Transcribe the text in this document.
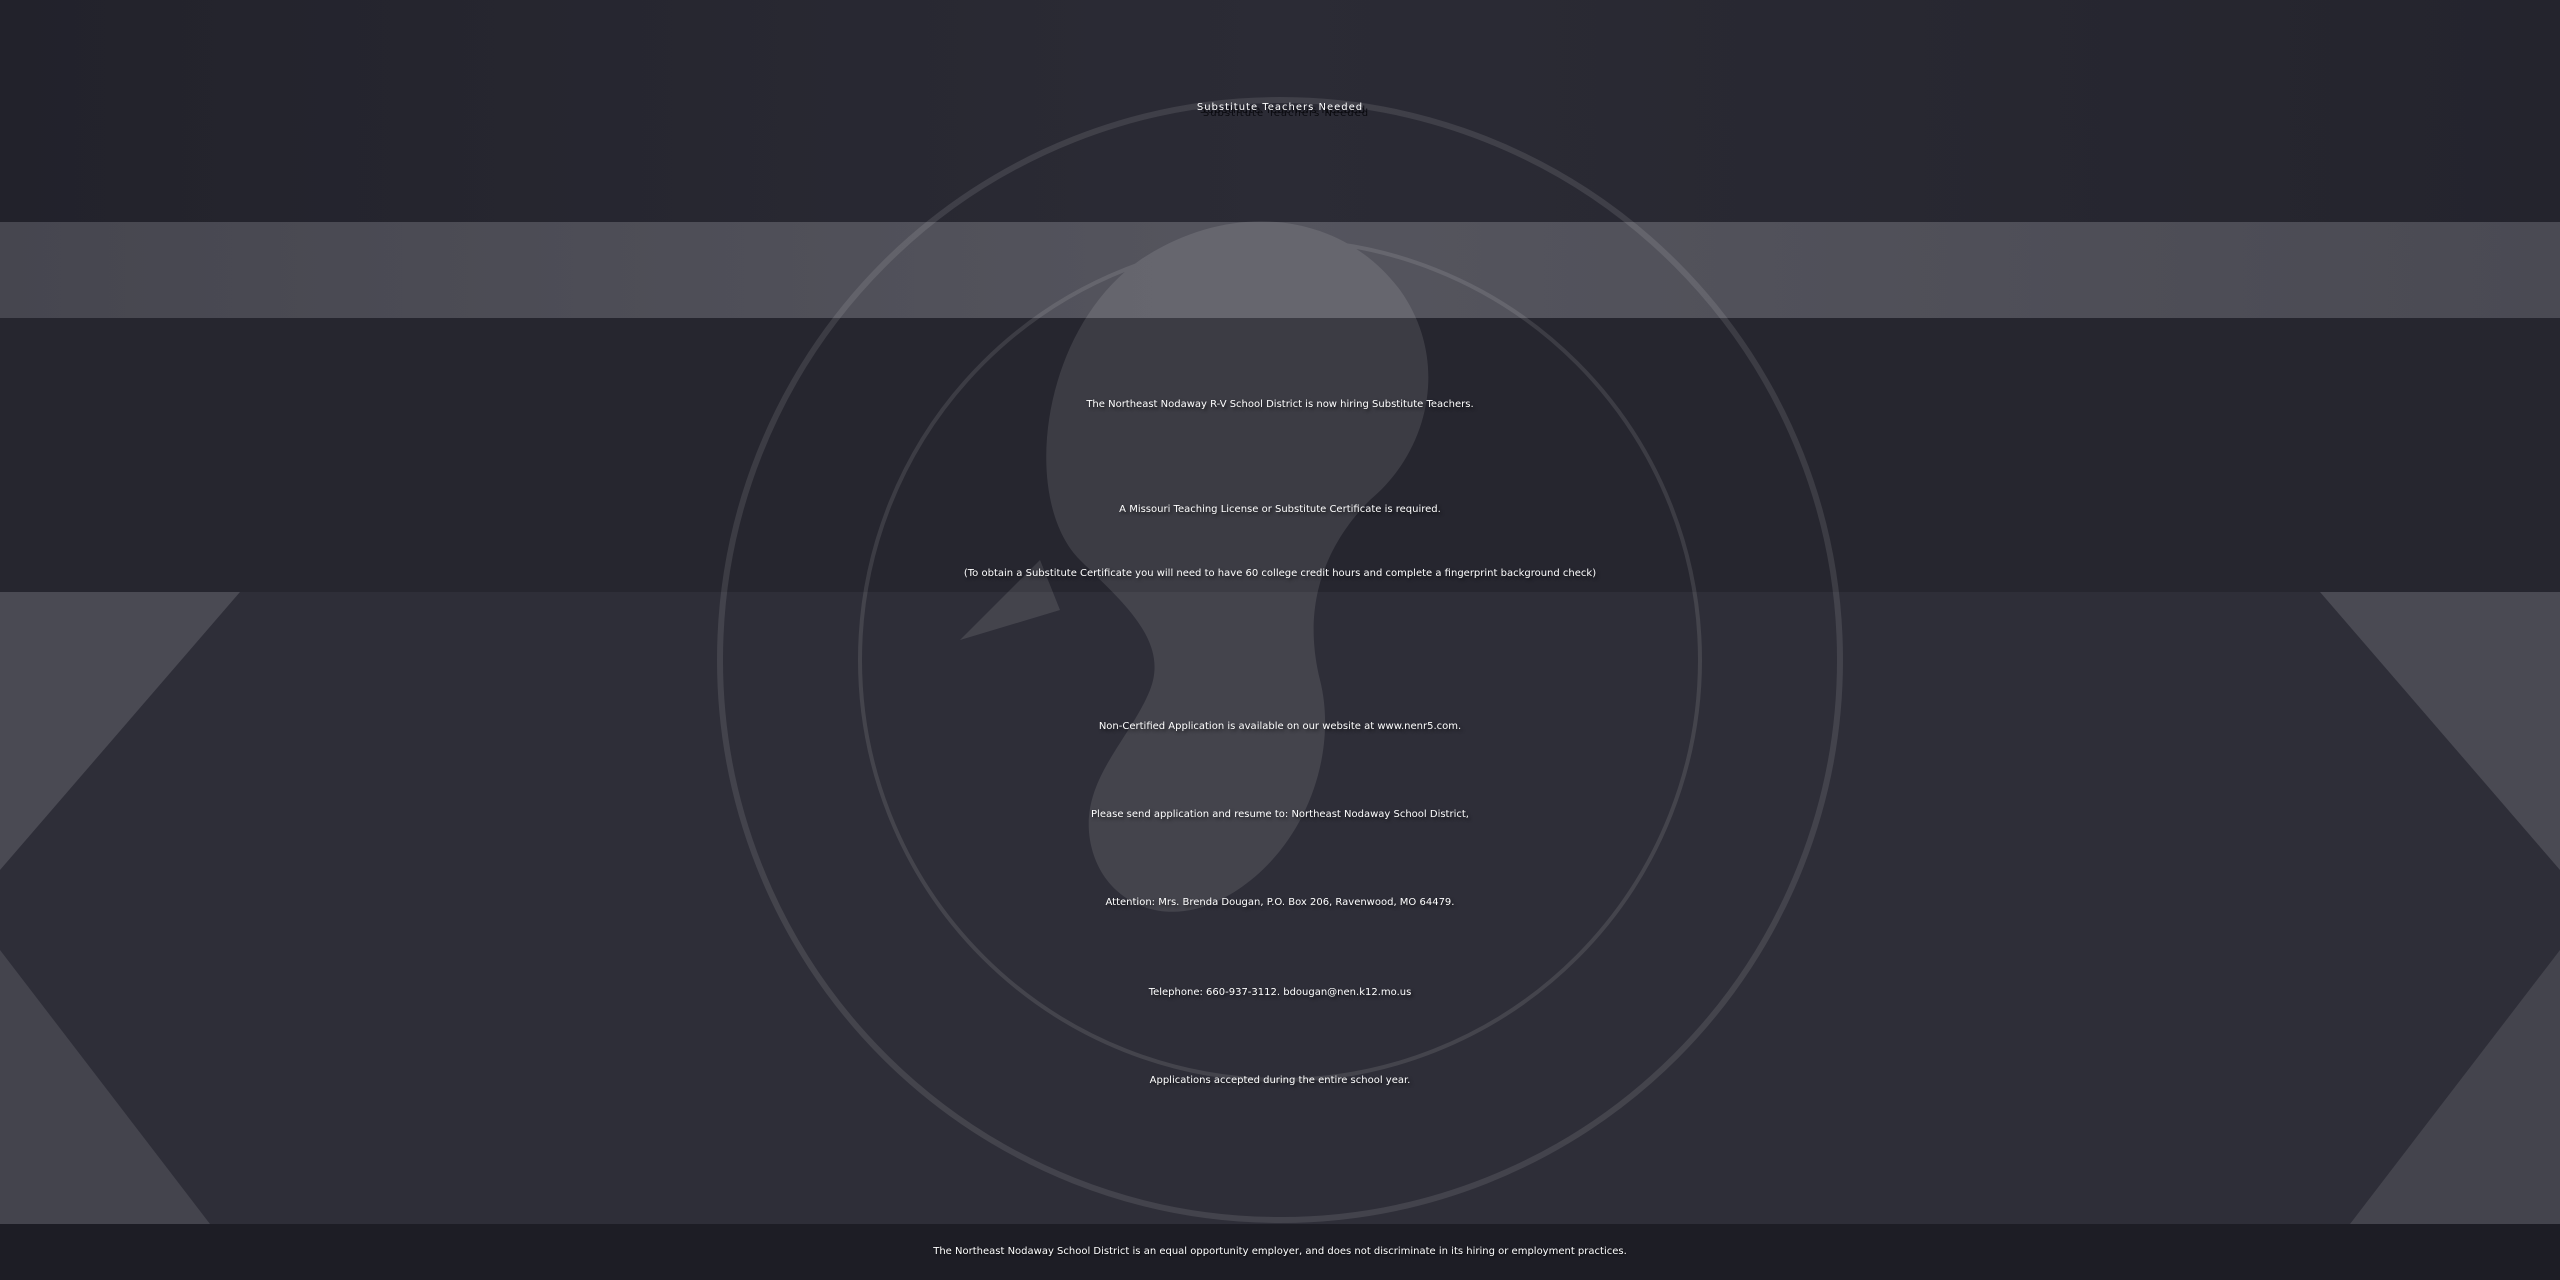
Substitute Teachers Needed
The Northeast Nodaway R-V School District is now hiring Substitute Teachers.
A Missouri Teaching License or Substitute Certificate is required.
(To obtain a Substitute Certificate you will need to have 60 college credit hours and complete a fingerprint background check)
Non-Certified Application is available on our website at www.nenr5.com.
Please send application and resume to: Northeast Nodaway School District,
Attention: Mrs. Brenda Dougan, P.O. Box 206, Ravenwood, MO 64479.
Telephone: 660-937-3112. bdougan@nen.k12.mo.us
Applications accepted during the entire school year.
The Northeast Nodaway School District is an equal opportunity employer, and does not discriminate in its hiring or employment practices.
